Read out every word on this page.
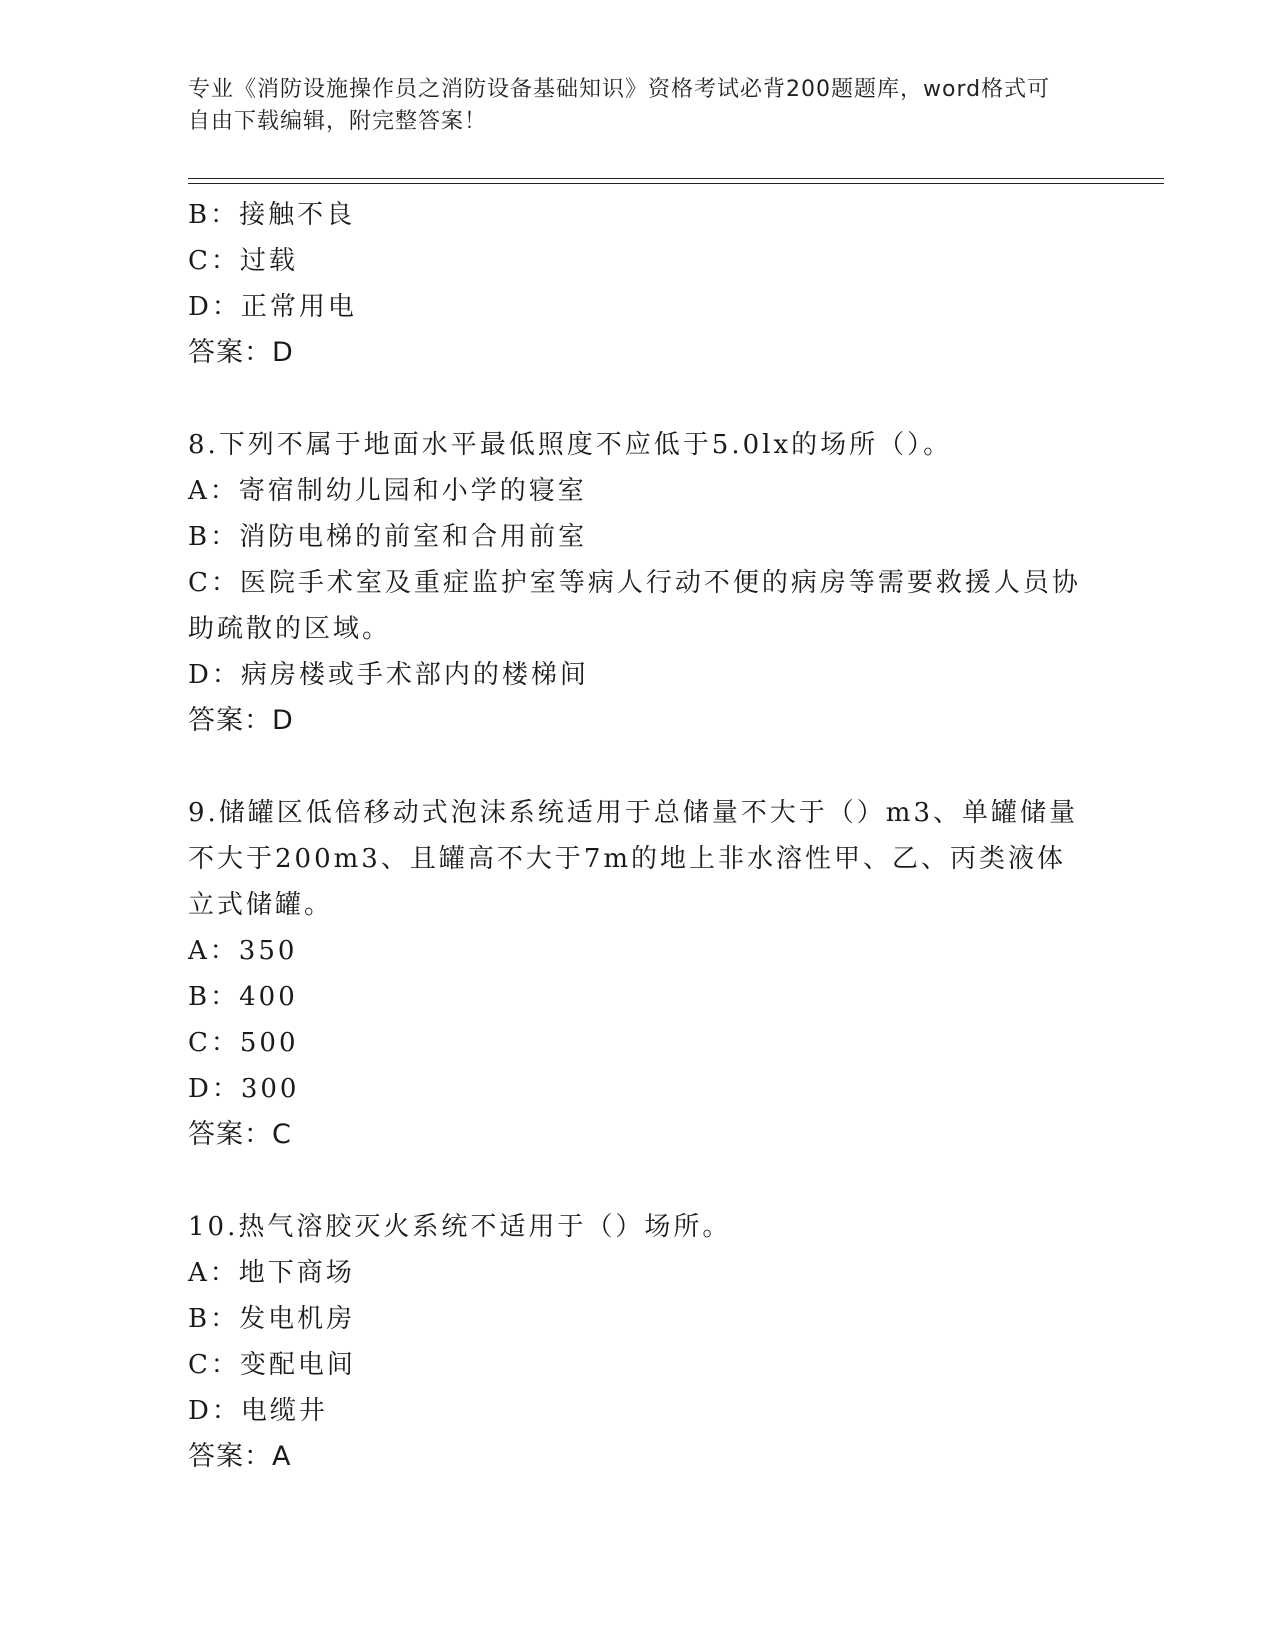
专业《消防设施操作员之消防设备基础知识》资格考试必背200题题库，word格式可自由下载编辑，附完整答案！

B：接触不良

C：过载

D：正常用电

答案：D

8.下列不属于地面水平最低照度不应低于5.0lx的场所（）。

A：寄宿制幼儿园和小学的寝室

B：消防电梯的前室和合用前室

C：医院手术室及重症监护室等病人行动不便的病房等需要救援人员协助疏散的区域。

D：病房楼或手术部内的楼梯间

答案：D

9.储罐区低倍移动式泡沫系统适用于总储量不大于（）m3、单罐储量不大于200m3、且罐高不大于7m的地上非水溶性甲、乙、丙类液体立式储罐。

A：350

B：400

C：500

D：300

答案：C

10.热气溶胶灭火系统不适用于（）场所。

A：地下商场

B：发电机房

C：变配电间

D：电缆井

答案：A
